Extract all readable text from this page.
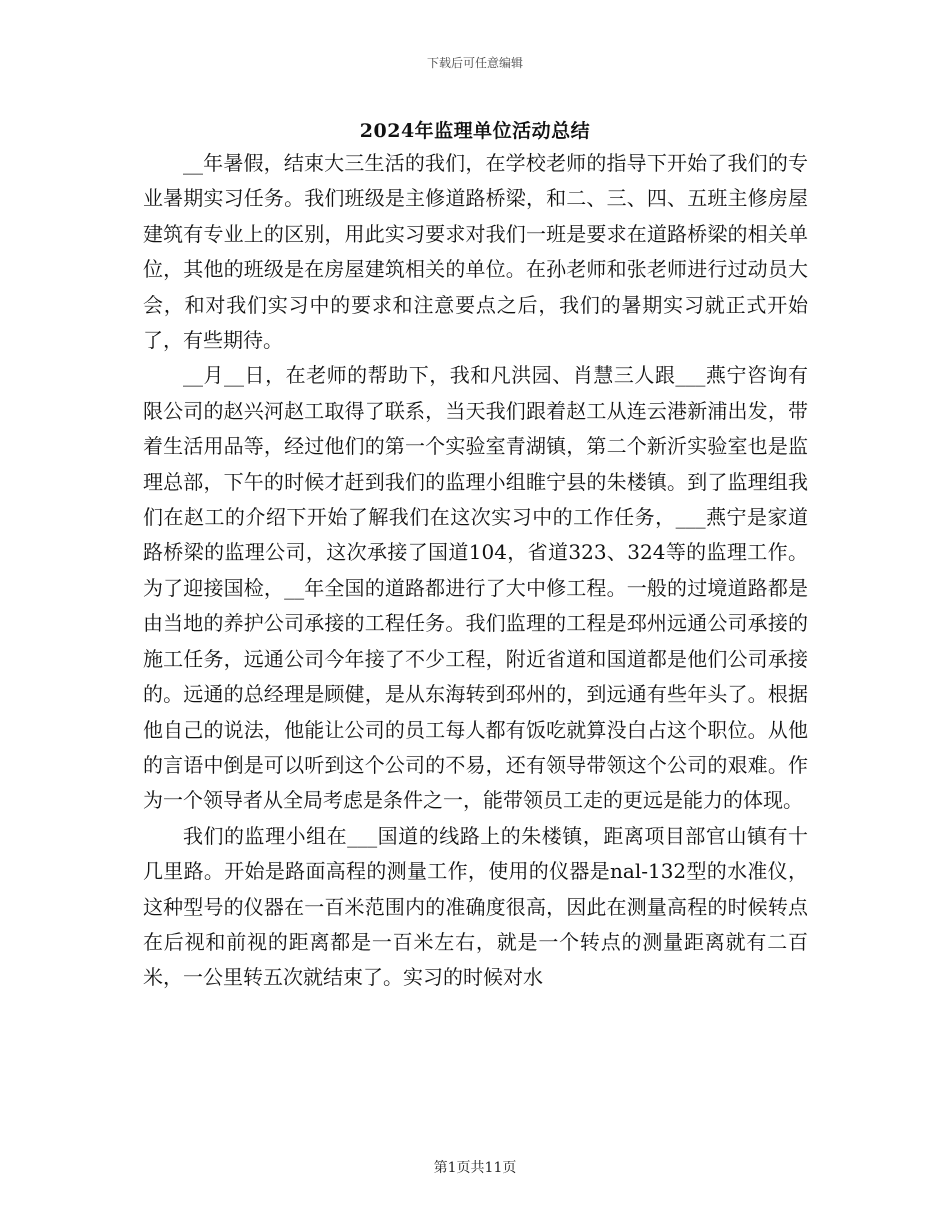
下载后可任意编辑
2024年监理单位活动总结

__年暑假，结束大三生活的我们，在学校老师的指导下开始了我们的专业暑期实习任务。我们班级是主修道路桥梁，和二、三、四、五班主修房屋建筑有专业上的区别，用此实习要求对我们一班是要求在道路桥梁的相关单位，其他的班级是在房屋建筑相关的单位。在孙老师和张老师进行过动员大会，和对我们实习中的要求和注意要点之后，我们的暑期实习就正式开始了，有些期待。

__月__日，在老师的帮助下，我和凡洪园、肖慧三人跟___燕宁咨询有限公司的赵兴河赵工取得了联系，当天我们跟着赵工从连云港新浦出发，带着生活用品等，经过他们的第一个实验室青湖镇，第二个新沂实验室也是监理总部，下午的时候才赶到我们的监理小组睢宁县的朱楼镇。到了监理组我们在赵工的介绍下开始了解我们在这次实习中的工作任务，___燕宁是家道路桥梁的监理公司，这次承接了国道104，省道323、324等的监理工作。为了迎接国检，__年全国的道路都进行了大中修工程。一般的过境道路都是由当地的养护公司承接的工程任务。我们监理的工程是邳州远通公司承接的施工任务，远通公司今年接了不少工程，附近省道和国道都是他们公司承接的。远通的总经理是顾健，是从东海转到邳州的，到远通有些年头了。根据他自己的说法，他能让公司的员工每人都有饭吃就算没白占这个职位。从他的言语中倒是可以听到这个公司的不易，还有领导带领这个公司的艰难。作为一个领导者从全局考虑是条件之一，能带领员工走的更远是能力的体现。

我们的监理小组在___国道的线路上的朱楼镇，距离项目部官山镇有十几里路。开始是路面高程的测量工作，使用的仪器是nal-132型的水准仪，这种型号的仪器在一百米范围内的准确度很高，因此在测量高程的时候转点在后视和前视的距离都是一百米左右，就是一个转点的测量距离就有二百米，一公里转五次就结束了。实习的时候对水

第1页共11页
